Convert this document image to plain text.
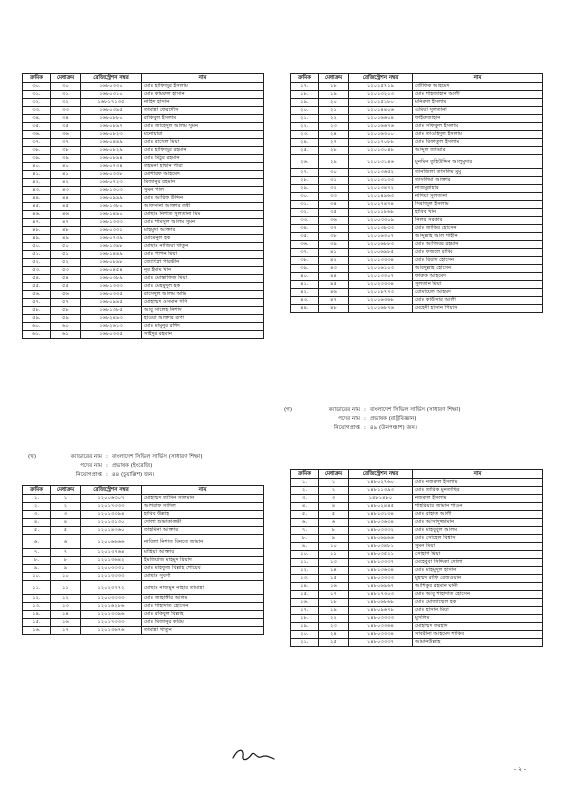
ক্রমিক	মেধাক্রম	রেজিস্ট্রেশন নম্বর	নাম
৩০.	৩০	১৬৮০৩৩০	মোঃ হাফিজুর ইসলাম
৩১.	৩১	১৬৮০৩১০	মোঃ কামরুল হাসান
৩২.	৩২	১৬৮১৭১৩৫	নাহিদ হাসান
৩৩.	৩৩	১৬৮০৩৯৫	তামান্না ফেরদৌস
৩৪.	৩৪	১৬৮০৮৮০	রাকিবুল ইসলাম
৩৫.	৩৫	১৬৮০৮৯৭	মোঃ জাহেদুল আলম সুমন
৩৬.	৩৬	১৬৮০৮২৩	মনোয়ারা
৩৭.	৩৭	১৬৮০৪৪৯	মোঃ রাসেল মিয়া
৩৮.	৩৮	১৬৮০৮২৯	মোঃ হাফিজুর রহমান
৩৯.	৩৯	১৬৮০৮৯৪	মোঃ মিঠুর রহমান
৪০.	৪০	১৬৮০৭৩৪	তহমনা হাছান পারা
৪১.	৪১	১৬৮০৩৩৮	মোশারফ আহমেদ
৪২.	৪২	১৬৮০৭২৩	মিজানুর রহমান
৪৩.	৪৩	১৬৮১৩০৩	সুমন পাল
৪৪.	৪৪	১৬৮০৯৯৯	মোঃ আরিফ উদ্দিন
৪৫.	৪৫	১৬৮১৩৮০	আফসানা আক্তার তন্বী
৪৬.	৪৬	১৬৮১৪৯০	মোছাঃ নিশাত সুলতানা মিম
৪৭.	৪৭	১৬৮১৩৩৩	মোঃ শামসুল আলম সুমন
৪৮.	৪৮	১৬৮০৩৩১	মাহমুদা আক্তার
৪৯.	৪৯	১৬৮০৭৩৯	মোমেনুল হক
৫০.	৫০	১৬৮১৩৯৮	মোছাঃ নাজিয়া খাতুন
৫১.	৫১	১৬৮১৪৪৯	মোঃ পাপন মিয়া
৫২.	৫২	১৬৮০৮৯৮	জ্যোৎস্না পারভীন
৫৩.	৫৩	১৬৮০৪৫৪	নূর ইমাম খান
৫৪.	৫৪	১৬৮০৩৮৯	মোঃ মোস্তাফিজ মিয়া
৫৫.	৫৫	১৬৮১৩৩৩	মোঃ মেহমুদুল হক
৫৬.	৫৬	১৬৮০৩৩৫	রাসেদুল আলম অভি
৫৭.	৫৭	১৬৮০৯৯৫	মোহাম্মদ ওসমান গণি
৫৮.	৫৮	১৬৮১৩৮৫	আবু সালেহ নিশাদ
৫৯.	৫৯	১৬৮২৪৯৩	হাওয়া আক্তার রূপা
৬০.	৬০	১৬৮২৬১৩	মোঃ মামুনুর রশিদ
৬১.	৬১	১৬৮০৩৩৫	সাইদুর রহমান
ক্রমিক	মেধাক্রম	রেজিস্ট্রেশন নম্বর	নাম
১৭.	১৮	১২০১৫৭১৯	তৌফিক আহমেদ
১৮.	১৯	১২০১৩২১৩	মোঃ শাহজাহান আলী
১৯.	২০	১২০১৫১৮০	মনিরুল ইসলাম
২০.	২১	১২০১৪৪০৬	এমিয়া সুলতানা
২১.	২২	১২০১৬৬০৪	ফাইরুজাহান
২২.	২৩	১২০১৬৬৭৬	মোঃ সফিকুল ইসলাম
২৩.	২৪	১২০১৬৩০০	মোঃ তাওহিদুল ইসলাম
২৪.	২৭	১২০১৭০৮৮	মোঃ রিফাতুল ইসলাম
২৫.	২৮	১২০১৩০৪৮	আব্দুল জাব্বার
২৬.	২৯	১২০১৩১৪৬	মুনমিন তুহিউদ্দিন আলুমুদার
২৭.	৩০	১২০১৩৬৫২	তানজিলা তাসলিম মুমু
২৮.	৩১	১২০১৩১৩৩	তাসলিমা আক্তার
২৯.	৩২	১২০১৩৪৭২	নাজমুন্নাহার
৩০.	৩৩	১২০১৪৯৬৩	নাদিয়া সুলতানা
৩১.	৩৪	১২০১৭৪৭৪	সিরাজুল ইসলাম
৩২.	৩৫	১২০১১৮৬৮	হাবিব খান
৩৩.	৩৬	১২০০৩৩০৯	নিলয় সরকার
৩৪.	৩৭	১২০১৩৮৩৩	মোঃ জাকির হোসেন
৩৫.	৩৮	১২০১৬৩০৭	আব্দুল্লাহ আল শাহীন
৩৬.	৩৯	১২০১৬৮৮৩	মোঃ আজিবর রহমান
৩৭.	৪১	১২০০৬৯৮৫	মোঃ ফজলে রাব্বি
৩৮.	৪২	১২০১৩৩৩৪	মোঃ রিয়াদ হোসেন
৩৯.	৪৩	১২০১৬১০৩	আবদুল্লাহ হোসেন
৪০.	৪৪	১২০১৩৩০৭	ফারুক আহমেদ
৪১.	৪৫	১২০২৩৩৩৪	সুলতান মিয়া
৪২.	৪৬	১২০১৮৭৭৩	রোমায়েল আহমদ
৪৩.	৪৭	১২০১৬৩৬৮	মোঃ কাউসার আলী
৪৪.	৪৮	১২০১৬৮৭৬	মেহেদী হাসান পিয়াস
(গ)	ক্যাডারের নাম : বাংলাদেশ সিভিল সার্ভিস (সাধারণ শিক্ষা)
পদের নাম : প্রভাষক (রাষ্ট্রবিজ্ঞান)
নিয়োগপ্রাপ্ত : ৪৯ (উনপঞ্চাশ) জন।
(খ)	ক্যাডারের নাম : বাংলাদেশ সিভিল সার্ভিস (সাধারণ শিক্ষা)
পদের নাম : প্রভাষক (ইংরেজি)
নিয়োগপ্রাপ্ত : ৪৪ (চুয়াল্লিশ) জন।
ক্রমিক	মেধাক্রম	রেজিস্ট্রেশন নম্বর	নাম
১.	১	১২০০৬৩০৭	মোহাম্মদ তাসিন সালমান
২.	২	১২০১৭৩৩৩	আশরাফ সাদিল
৩.	৩	১২০১৩৩৯৪	হাবিব উল্লাহ
৪.	৪	১২০১৩১৩০	দোলা শুভাকাঙ্ক্ষী
৫.	৫	১২০১৪৩৬০	তাহমিনা আক্তার
৬.	৬	১২০০৬৬৬৬	নাবিলা নিশাত বিনতে জামান
৭.	৭	১২০১৩৭৬৪	মাহিয়া আক্তার
৮.	৮	১২০১৩৬৪২	ইমতিয়াজ মাহমুদ রিয়াদ
৯.	৯	১২০০৩৩৩১	মোঃ মাহফুজ বিল্লাহ শোয়েব
১০.	১০	১২০১৩৩৩৩	মোছাঃ সুবর্ণা
১১.	১১	১২০২৩৭৭২	মোছাঃ নাজমুন নাহার তামান্না
১২.	১২	১২০০৩৩৩৩	মোঃ জাহাঙ্গীর আলম
১৩.	১৩	১২০১৬২৮৬	মোঃ শাহাদাত হোসেন
১৪.	১৪	১২০১৩৩৯৬	মোঃ রকিবুল বিল্লাহ
১৫.	১৬	১২০১৭৩৩৩	মোঃ মিজানুর করিম
১৬.	১৭	১২০১৩৬৭৬	তামান্না খাতুন
ক্রমিক	মেধাক্রম	রেজিস্ট্রেশন নম্বর	নাম
১.	১	১৪৮০২৭৬০	মোঃ নজরুল ইসলাম
২.	২	১৪৮১১৩৯৩	মোঃ তারিক মুনতাছির
৩.	৩	১৪৮১৪৮০	নজরুল ইসলাম
৪.	৪	১৪৮০২৪৪৫	শাহরিয়ার জামান শাওন
৫.	৫	১৪৮১৩১৩৪	মোঃ রাহাত আলী
৬.	৬	১৪৮০৩৬৩৪	মোঃ আসাদুজ্জামান
৭.	৮	১৪৮০৩৩৩২	মোঃ মাহবুবুল আলম
৮.	৯	১৪৮০৬৯৬৬	মোঃ সোহেল বিশ্বাস
৯.	১০	১৪৮০৩৪৮১	সুমন মিয়া
১০.	১১	১৪৮০৩৫২১	সোহাগ মিয়া
১১.	১৩	১৪৮১৩৩৩৭	মেহেবুবা সিদ্দিকা দোলা
১২.	১৪	১৪৮১৩৬৩৪	মোঃ মাহমুদুল হাসান
১৩.	১৫	১৪৮০৩৩৩৩	মুহম্মদ রাফি রেজওয়ান
১৪.	১৬	১৪৮০৬৯৬৭	আশিকুর রহমান ঘানী
১৫.	১৭	১৪৮১৭৩০৩	মোঃ আবু শাহাদাত হোসেন
১৬.	১৮	১৪৮০৬৮৬৮	মোঃ মোজাম্মেল হক
১৭.	১৯	১৪৮০৯৬৭৮	মোঃ হাসান মিয়া
১৮.	২২	১৪৮০৩৩৩৩	মুসলিম
১৯.	২৩	১৪৮০৩৩৬৪	মোহাম্মদ ফরহাদ
২০.	২৪	১৪৮০৩৩৩৪	সাবরীনা আহমেদ শাকিব
২১.	২৫	১৪৮০৩৩৩৭	আমানউল্লাহ
- ২ -
